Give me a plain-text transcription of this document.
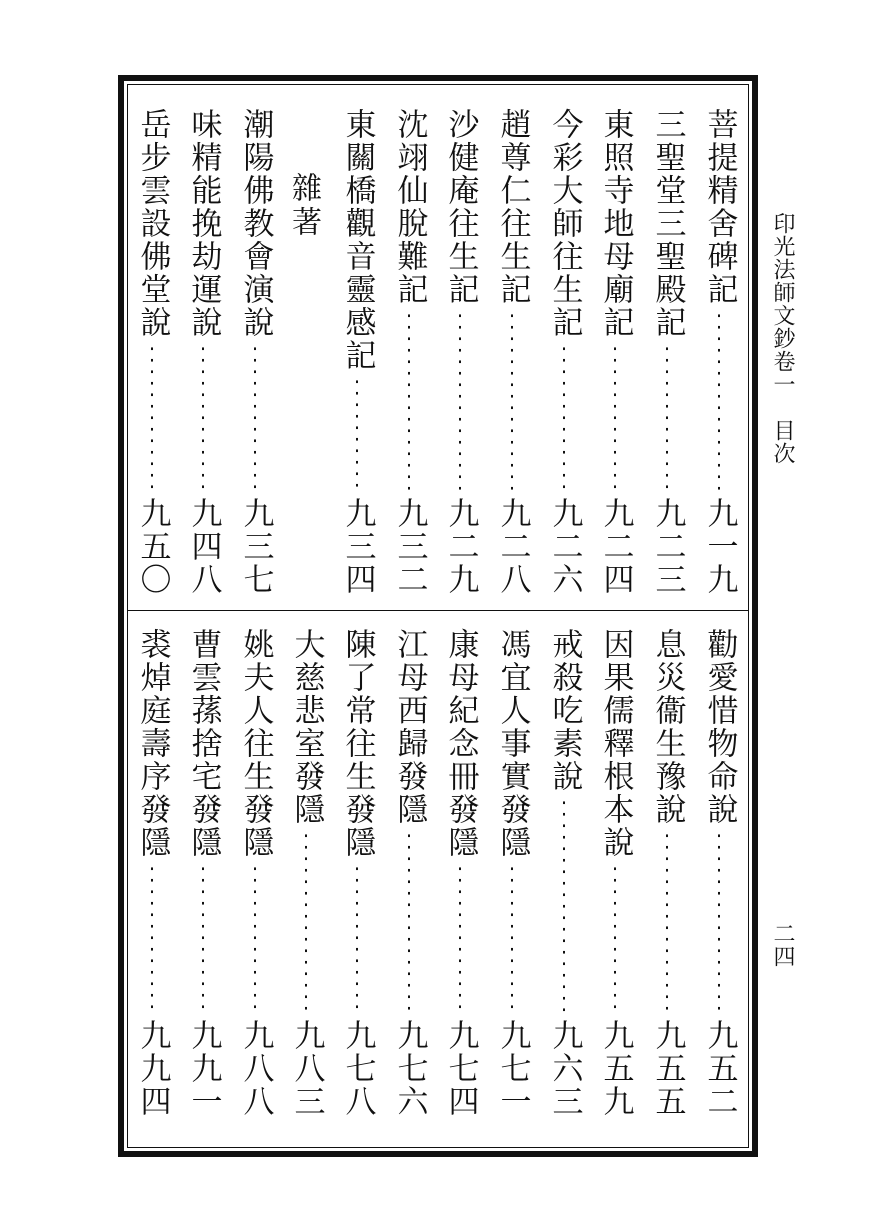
印光法師文鈔卷一　目次
二四
菩提精舍碑記
九一九
三聖堂三聖殿記
九二三
東照寺地母廟記
九二四
今彩大師往生記
九二六
趙尊仁往生記
九二八
沙健庵往生記
九二九
沈翊仙脫難記
九三二
東關橋觀音靈感記
九三四
雜著
潮陽佛教會演說
九三七
味精能挽劫運說
九四八
岳步雲設佛堂說
九五〇
勸愛惜物命說
九五二
息災衞生豫說
九五五
因果儒釋根本說
九五九
戒殺吃素說
九六三
馮宜人事實發隱
九七一
康母紀念冊發隱
九七四
江母西歸發隱
九七六
陳了常往生發隱
九七八
大慈悲室發隱
九八三
姚夫人往生發隱
九八八
曹雲蓀捨宅發隱
九九一
裘焯庭壽序發隱
九九四
